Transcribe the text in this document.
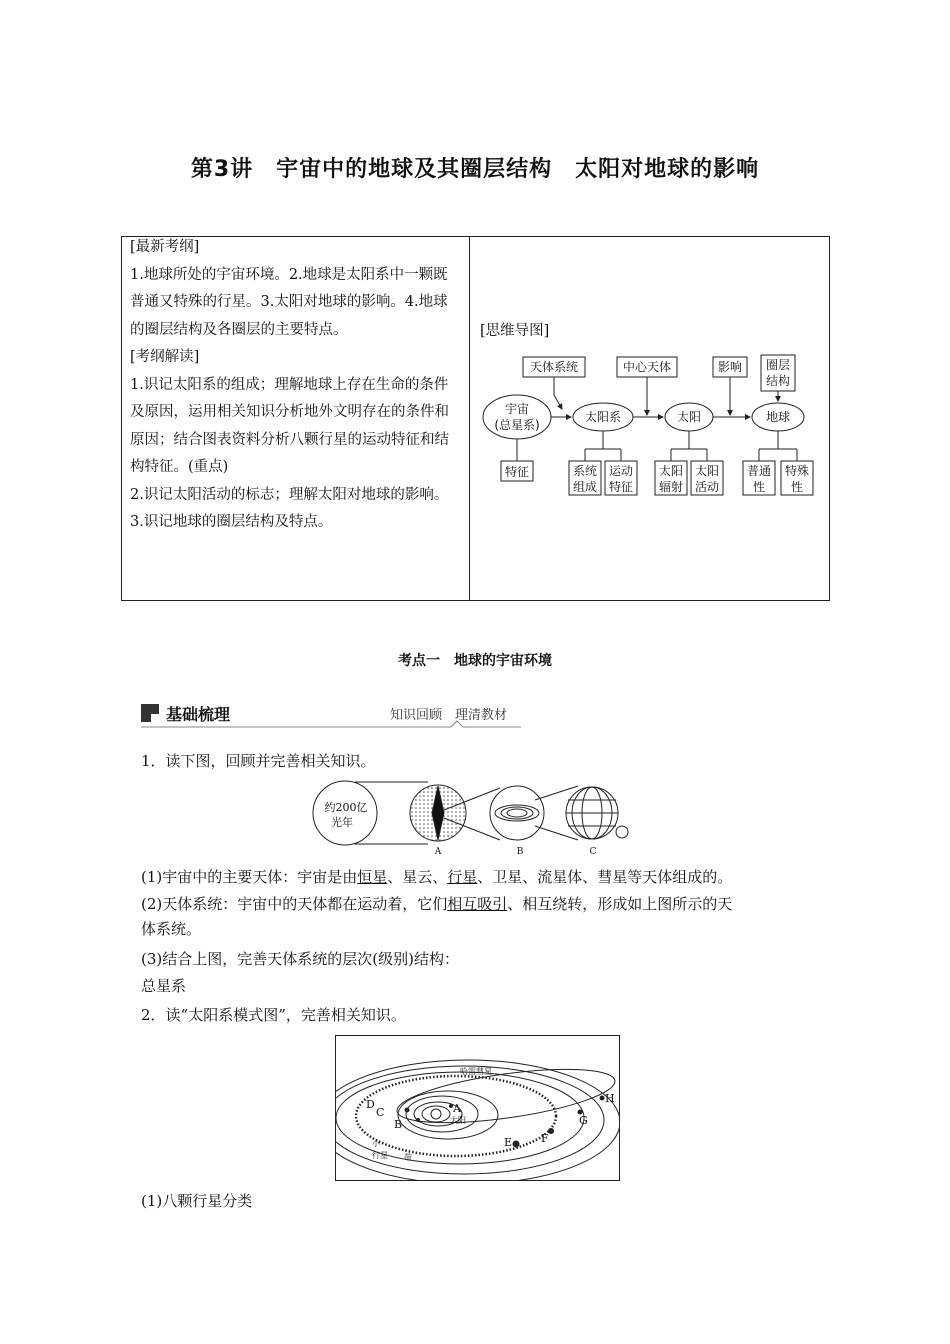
第3讲　宇宙中的地球及其圈层结构　太阳对地球的影响

[最新考纲]

1.地球所处的宇宙环境。2.地球是太阳系中一颗既普通又特殊的行星。3.太阳对地球的影响。4.地球的圈层结构及各圈层的主要特点。

[考纲解读]

1.识记太阳系的组成；理解地球上存在生命的条件及原因，运用相关知识分析地外文明存在的条件和原因；结合图表资料分析八颗行星的运动特征和结构特征。(重点)

2.识记太阳活动的标志；理解太阳对地球的影响。

3.识记地球的圈层结构及特点。

[思维导图]
天体系统	中心天体	影响 圈层
结构
宇宙
(总星系)
太阳系	太阳	地球
特征	系统
组成
运动
特征
太阳
辐射
太阳
活动
普通
性
特殊
性
考点一　地球的宇宙环境
基础梳理	知识回顾　理清教材
1．读下图，回顾并完善相关知识。
约200亿
光年
A	B	C
(1)宇宙中的主要天体：宇宙是由恒星、星云、行星、卫星、流星体、彗星等天体组成的。
(2)天体系统：宇宙中的天体都在运动着，它们相互吸引、相互绕转，形成如上图所示的天
体系统。
(3)结合上图，完善天体系统的层次(级别)结构：
总星系
2．读“太阳系模式图”，完善相关知识。
A
B
C
D
E	F
G
H
太阳
哈雷彗星
小
行星 带
(1)八颗行星分类
